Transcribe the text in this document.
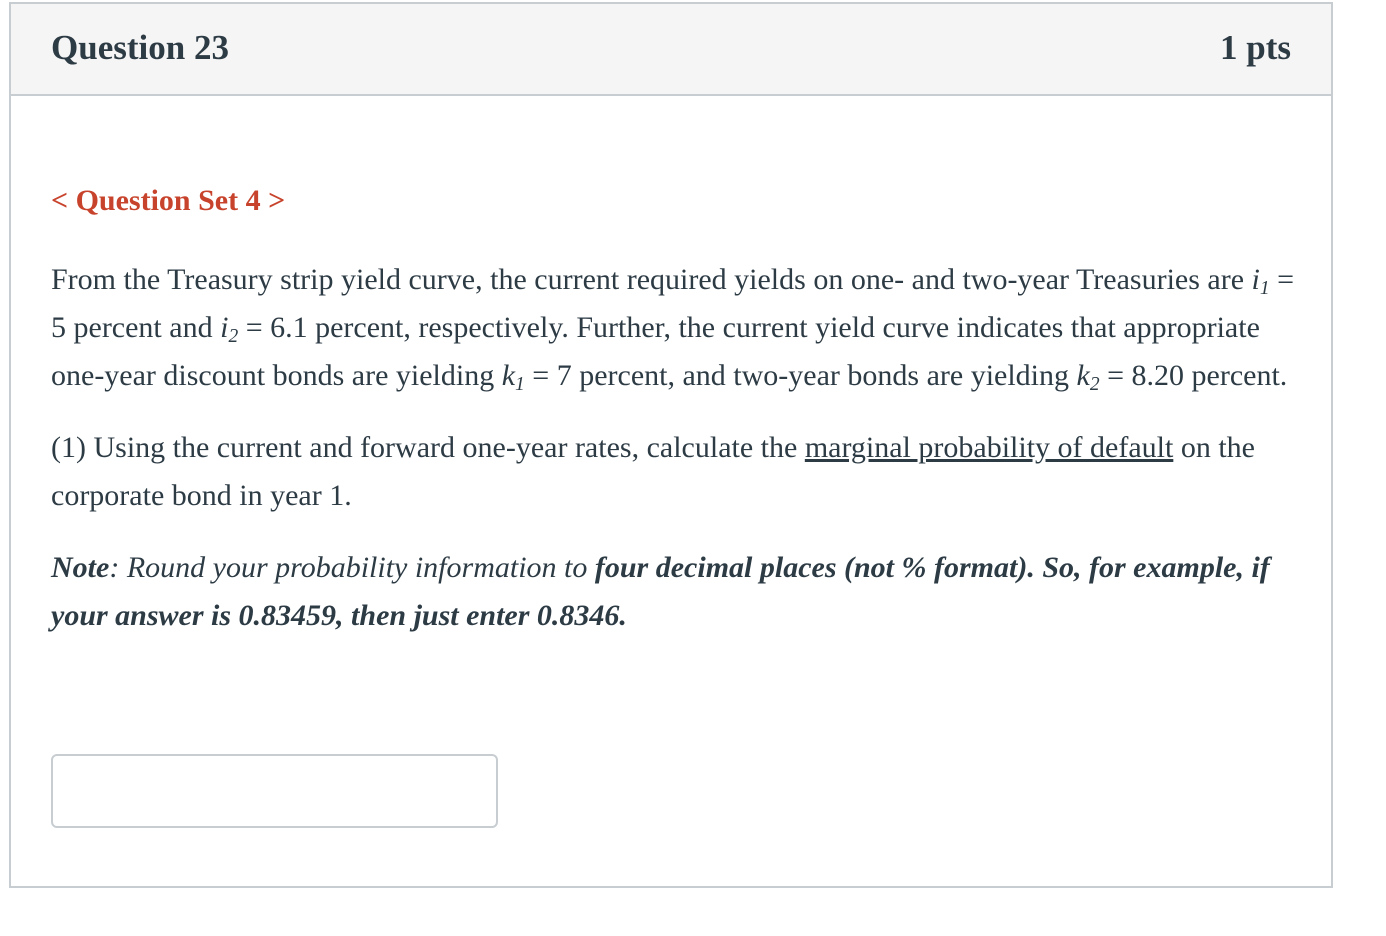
Question 23	1 pts
< Question Set 4 >

From the Treasury strip yield curve, the current required yields on one- and two-year Treasuries are $i_1 = 5$ percent and $i_2 = 6.1$ percent, respectively. Further, the current yield curve indicates that appropriate one-year discount bonds are yielding $k_1 = 7$ percent, and two-year bonds are yielding $k_2 = 8.20$ percent.

(1) Using the current and forward one-year rates, calculate the marginal probability of default on the corporate bond in year 1.

Note: Round your probability information to four decimal places (not % format). So, for example, if your answer is 0.83459, then just enter 0.8346.
